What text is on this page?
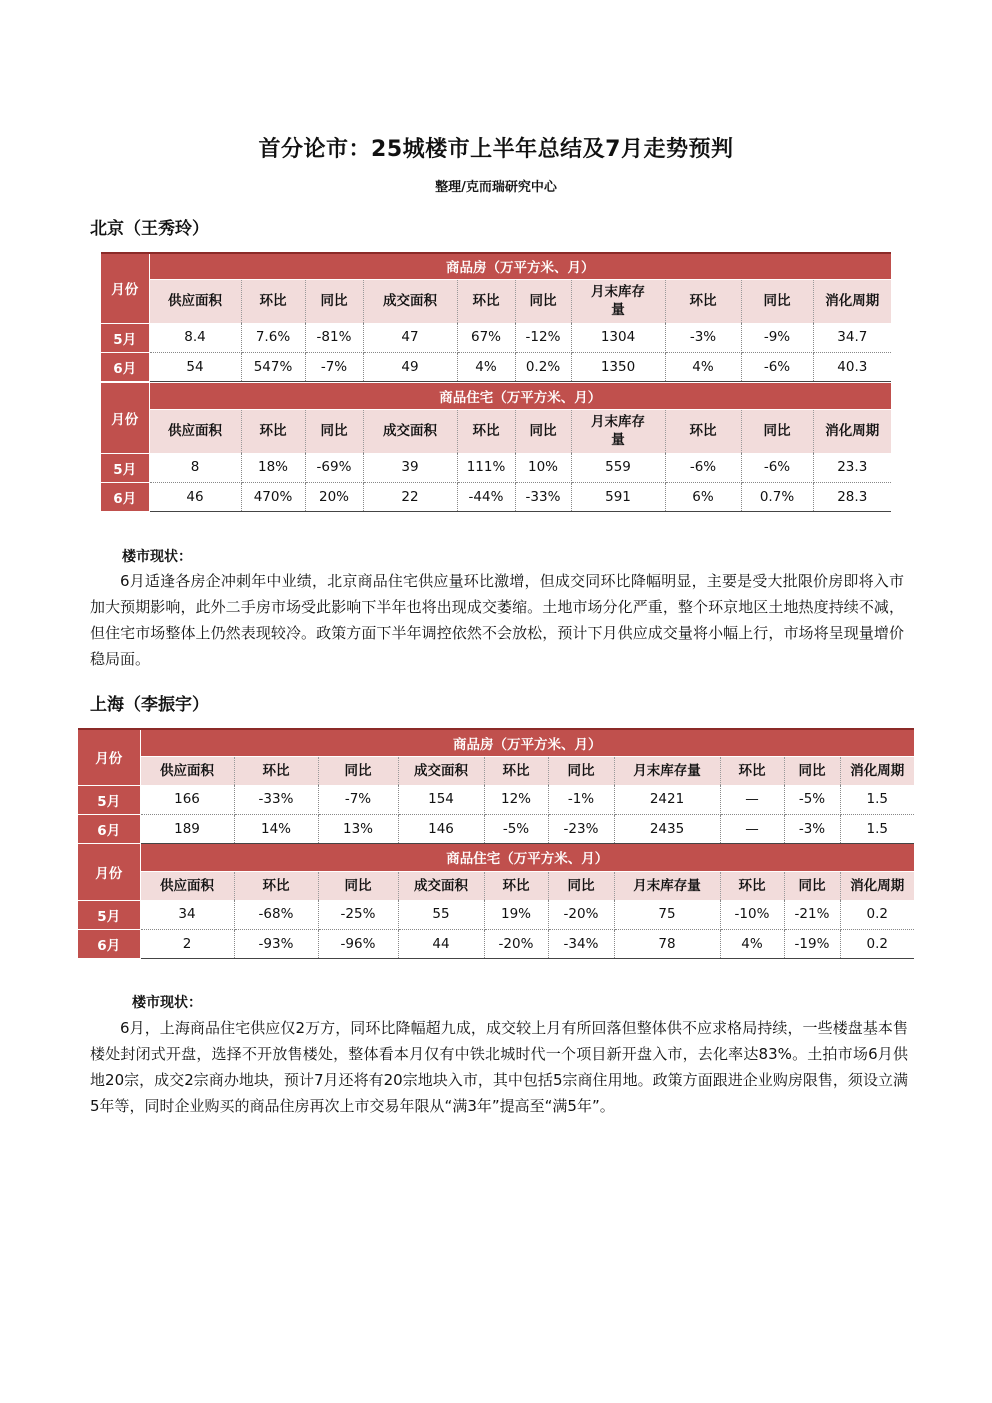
首分论市：25城楼市上半年总结及7月走势预判
整理/克而瑞研究中心
北京（王秀玲）
月份	商品房（万平方米、月）									
	供应面积	环比	同比	成交面积	环比	同比	月末库存量	环比	同比	消化周期
5月	8.4	7.6%	-81%	47	67%	-12%	1304	-3%	-9%	34.7
6月	54	547%	-7%	49	4%	0.2%	1350	4%	-6%	40.3
月份	商品住宅（万平方米、月）									
	供应面积	环比	同比	成交面积	环比	同比	月末库存量	环比	同比	消化周期
5月	8	18%	-69%	39	111%	10%	559	-6%	-6%	23.3
6月	46	470%	20%	22	-44%	-33%	591	6%	0.7%	28.3
楼市现状：
6月适逢各房企冲刺年中业绩，北京商品住宅供应量环比激增，但成交同环比降幅明显，主要是受大批限价房即将入市加大预期影响，此外二手房市场受此影响下半年也将出现成交萎缩。土地市场分化严重，整个环京地区土地热度持续不减，但住宅市场整体上仍然表现较冷。政策方面下半年调控依然不会放松，预计下月供应成交量将小幅上行，市场将呈现量增价稳局面。
上海（李振宇）
月份	商品房（万平方米、月）									
	供应面积	环比	同比	成交面积	环比	同比	月末库存量	环比	同比	消化周期
5月	166	-33%	-7%	154	12%	-1%	2421	—	-5%	1.5
6月	189	14%	13%	146	-5%	-23%	2435	—	-3%	1.5
月份	商品住宅（万平方米、月）									
	供应面积	环比	同比	成交面积	环比	同比	月末库存量	环比	同比	消化周期
5月	34	-68%	-25%	55	19%	-20%	75	-10%	-21%	0.2
6月	2	-93%	-96%	44	-20%	-34%	78	4%	-19%	0.2
楼市现状：
6月，上海商品住宅供应仅2万方，同环比降幅超九成，成交较上月有所回落但整体供不应求格局持续，一些楼盘基本售楼处封闭式开盘，选择不开放售楼处，整体看本月仅有中铁北城时代一个项目新开盘入市，去化率达83%。土拍市场6月供地20宗，成交2宗商办地块，预计7月还将有20宗地块入市，其中包括5宗商住用地。政策方面跟进企业购房限售，须设立满5年等，同时企业购买的商品住房再次上市交易年限从“满3年”提高至“满5年”。
